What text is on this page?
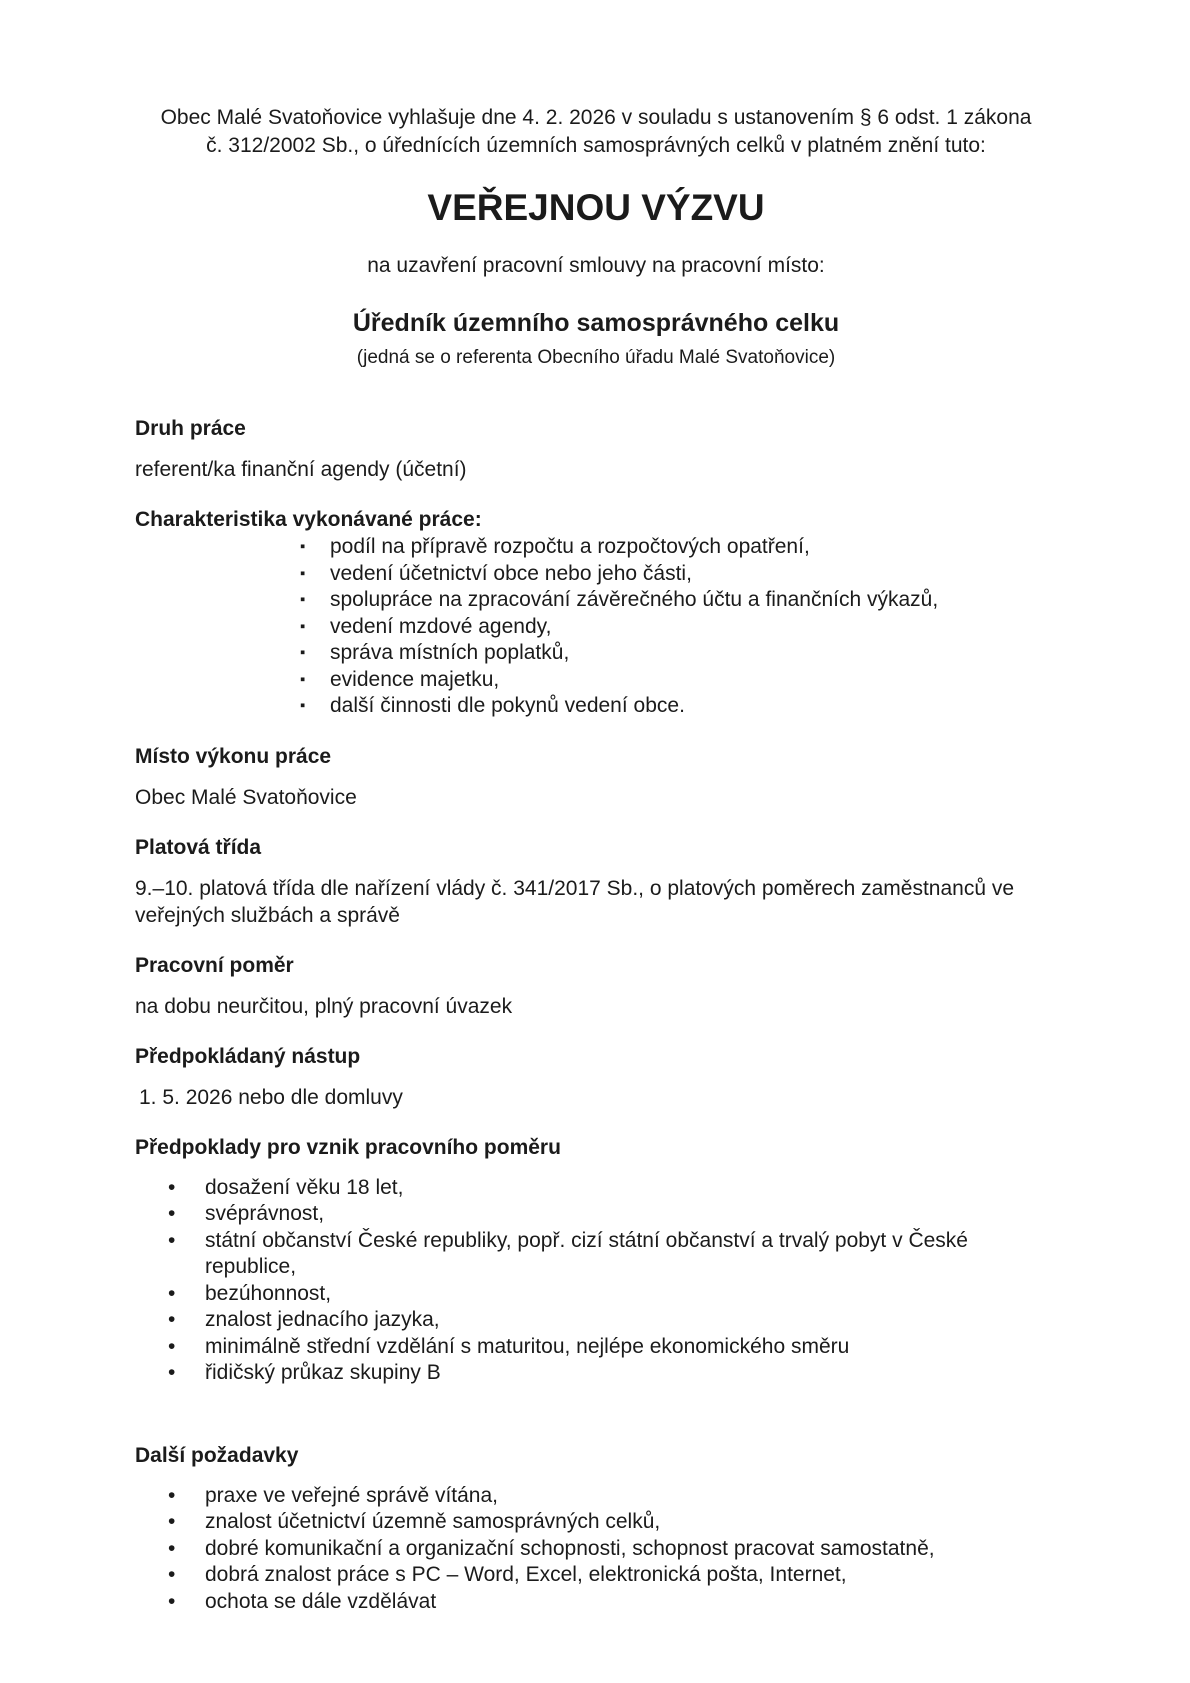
Obec Malé Svatoňovice vyhlašuje dne 4. 2. 2026 v souladu s ustanovením § 6 odst. 1 zákona č. 312/2002 Sb., o úřednících územních samosprávných celků v platném znění tuto:

VEŘEJNOU VÝZVU

na uzavření pracovní smlouvy na pracovní místo:

Úředník územního samosprávného celku

(jedná se o referenta Obecního úřadu Malé Svatoňovice)

Druh práce

referent/ka finanční agendy (účetní)

Charakteristika vykonávané práce:
▪ podíl na přípravě rozpočtu a rozpočtových opatření,
▪ vedení účetnictví obce nebo jeho části,
▪ spolupráce na zpracování závěrečného účtu a finančních výkazů,
▪ vedení mzdové agendy,
▪ správa místních poplatků,
▪ evidence majetku,
▪ další činnosti dle pokynů vedení obce.
Místo výkonu práce

Obec Malé Svatoňovice

Platová třída

9.–10. platová třída dle nařízení vlády č. 341/2017 Sb., o platových poměrech zaměstnanců ve veřejných službách a správě

Pracovní poměr

na dobu neurčitou, plný pracovní úvazek

Předpokládaný nástup

1. 5. 2026 nebo dle domluvy

Předpoklady pro vznik pracovního poměru
• dosažení věku 18 let,
• svéprávnost,
• státní občanství České republiky, popř. cizí státní občanství a trvalý pobyt v České republice,
• bezúhonnost,
• znalost jednacího jazyka,
• minimálně střední vzdělání s maturitou, nejlépe ekonomického směru
• řidičský průkaz skupiny B
Další požadavky
• praxe ve veřejné správě vítána,
• znalost účetnictví územně samosprávných celků,
• dobré komunikační a organizační schopnosti, schopnost pracovat samostatně,
• dobrá znalost práce s PC – Word, Excel, elektronická pošta, Internet,
• ochota se dále vzdělávat
